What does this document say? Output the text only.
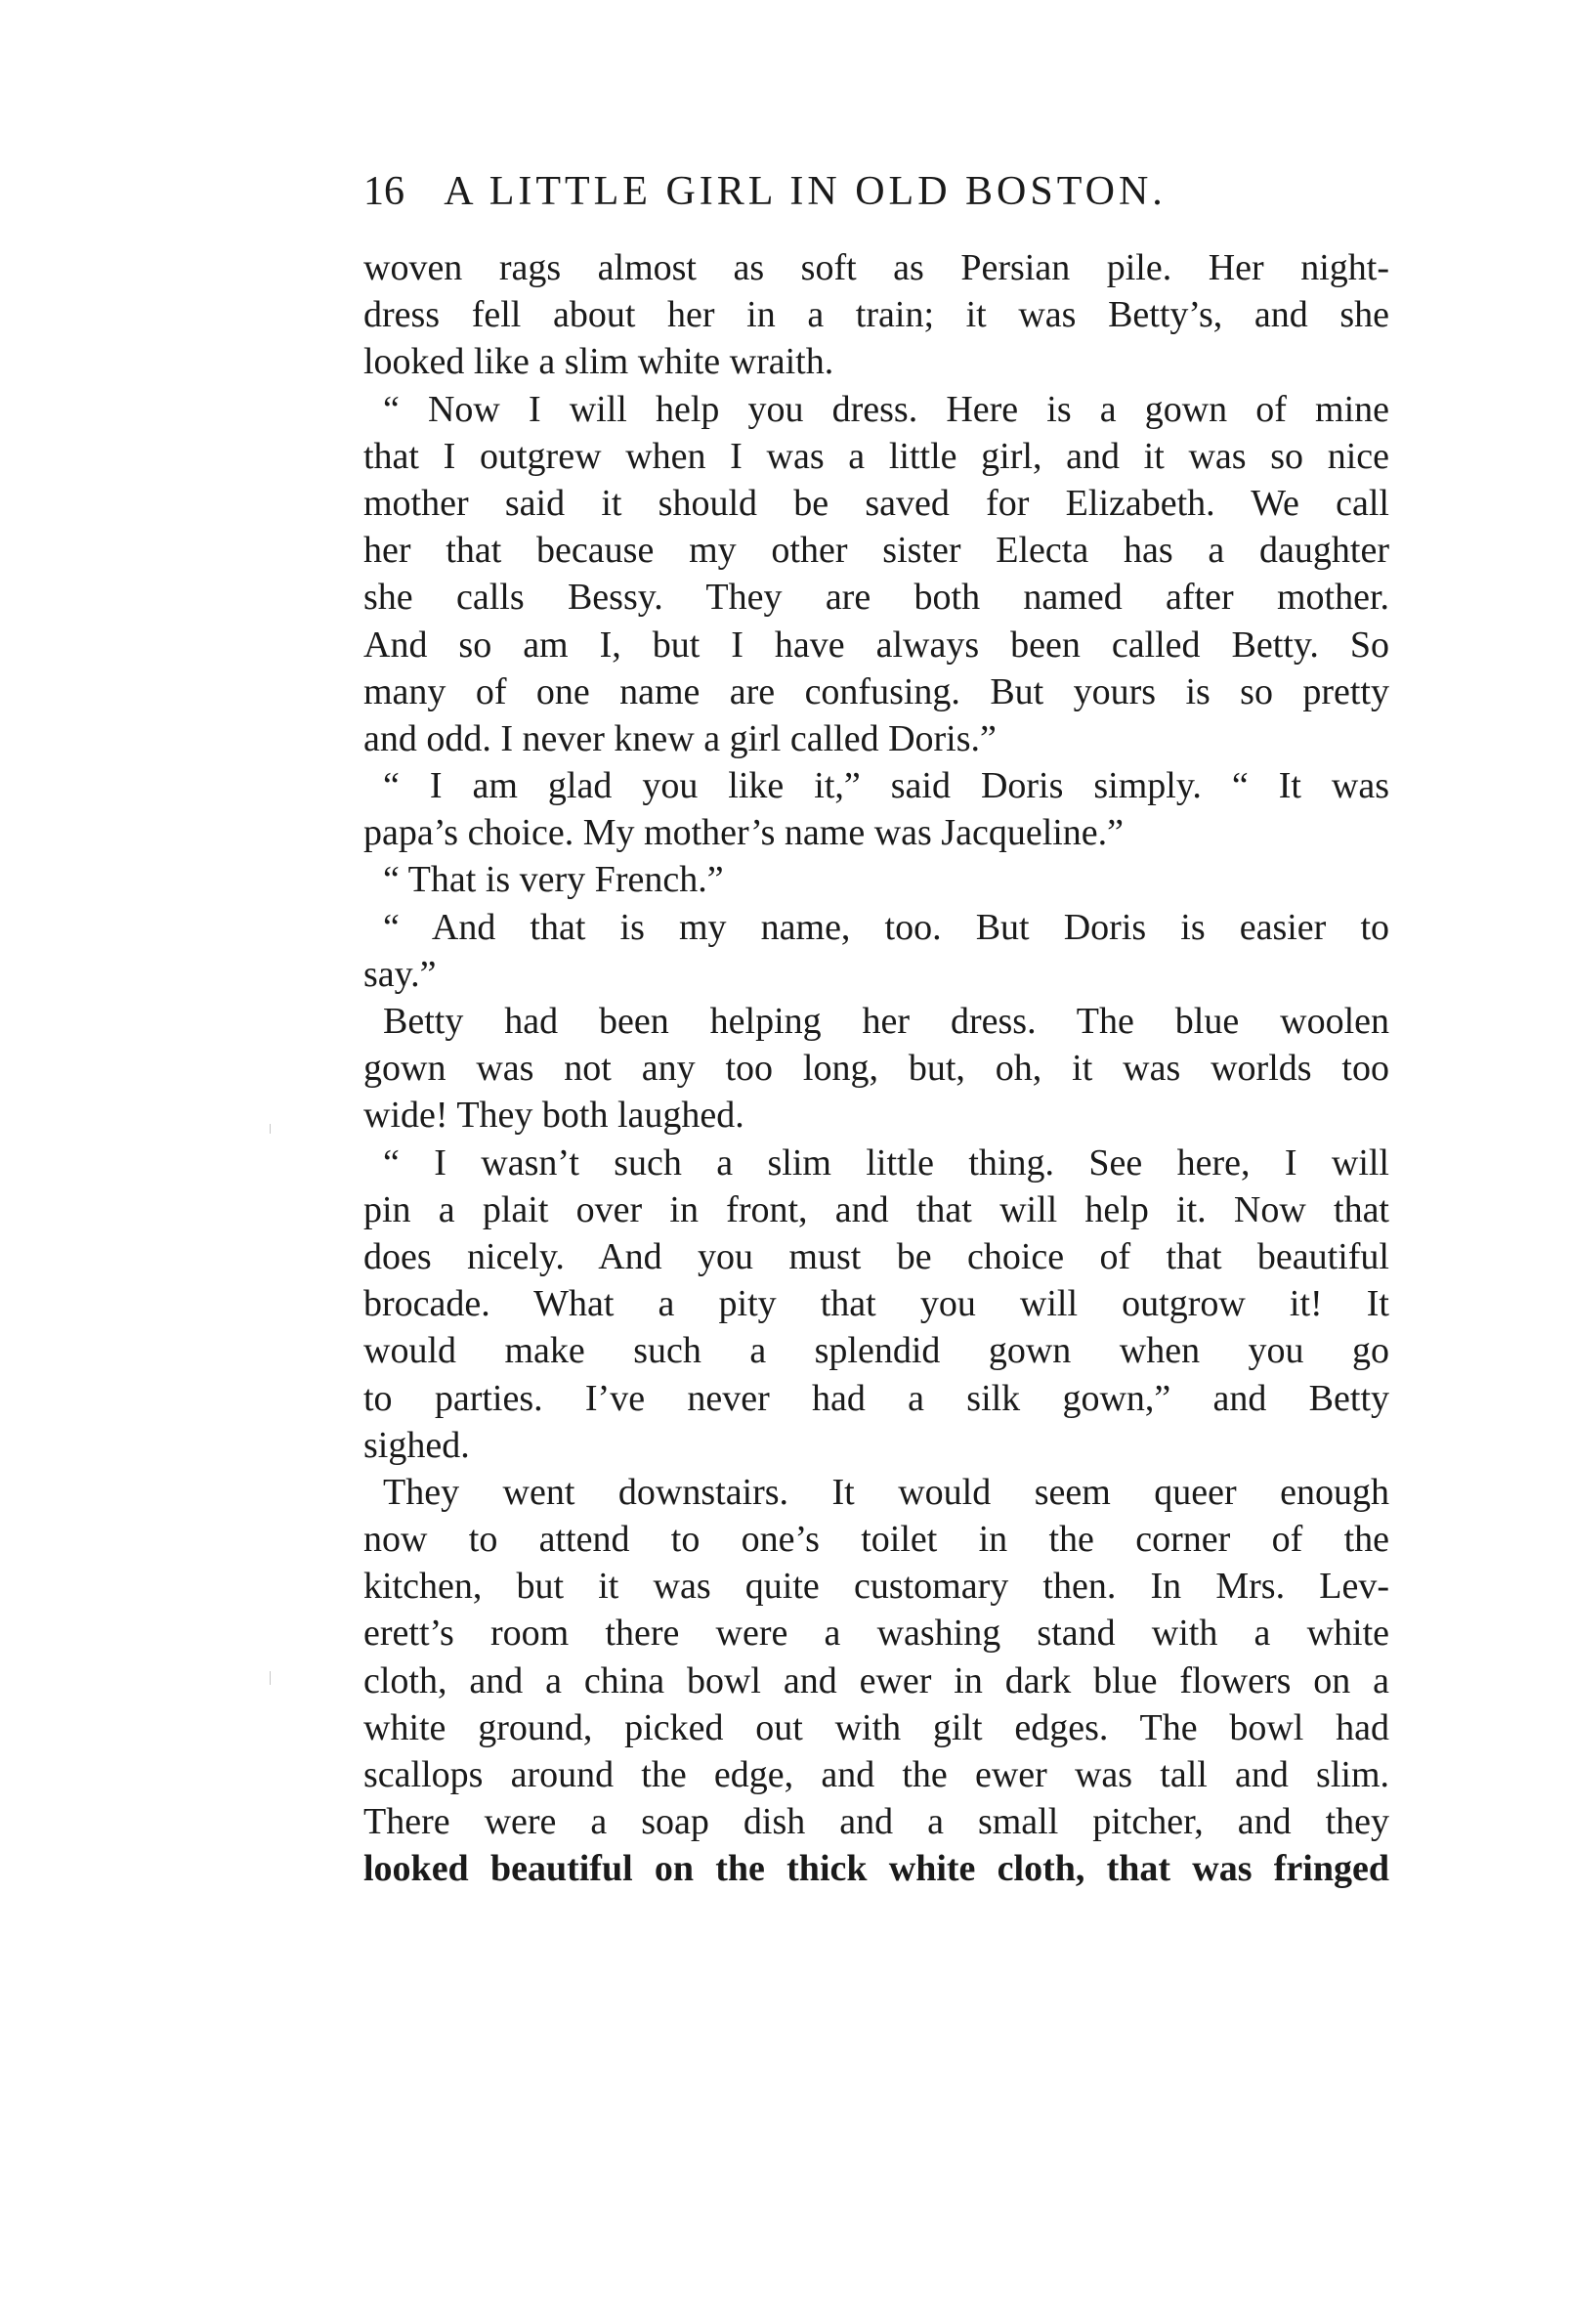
16 A LITTLE GIRL IN OLD BOSTON.
woven rags almost as soft as Persian pile. Her night-
dress fell about her in a train; it was Betty’s, and she
looked like a slim white wraith.
“ Now I will help you dress. Here is a gown of mine
that I outgrew when I was a little girl, and it was so nice
mother said it should be saved for Elizabeth. We call
her that because my other sister Electa has a daughter
she calls Bessy. They are both named after mother.
And so am I, but I have always been called Betty. So
many of one name are confusing. But yours is so pretty
and odd. I never knew a girl called Doris.”
“ I am glad you like it,” said Doris simply. “ It was
papa’s choice. My mother’s name was Jacqueline.”
“ That is very French.”
“ And that is my name, too. But Doris is easier to
say.”
Betty had been helping her dress. The blue woolen
gown was not any too long, but, oh, it was worlds too
wide! They both laughed.
“ I wasn’t such a slim little thing. See here, I will
pin a plait over in front, and that will help it. Now that
does nicely. And you must be choice of that beautiful
brocade. What a pity that you will outgrow it! It
would make such a splendid gown when you go
to parties. I’ve never had a silk gown,” and Betty
sighed.
They went downstairs. It would seem queer enough
now to attend to one’s toilet in the corner of the
kitchen, but it was quite customary then. In Mrs. Lev-
erett’s room there were a washing stand with a white
cloth, and a china bowl and ewer in dark blue flowers on a
white ground, picked out with gilt edges. The bowl had
scallops around the edge, and the ewer was tall and slim.
There were a soap dish and a small pitcher, and they
looked beautiful on the thick white cloth, that was fringed
